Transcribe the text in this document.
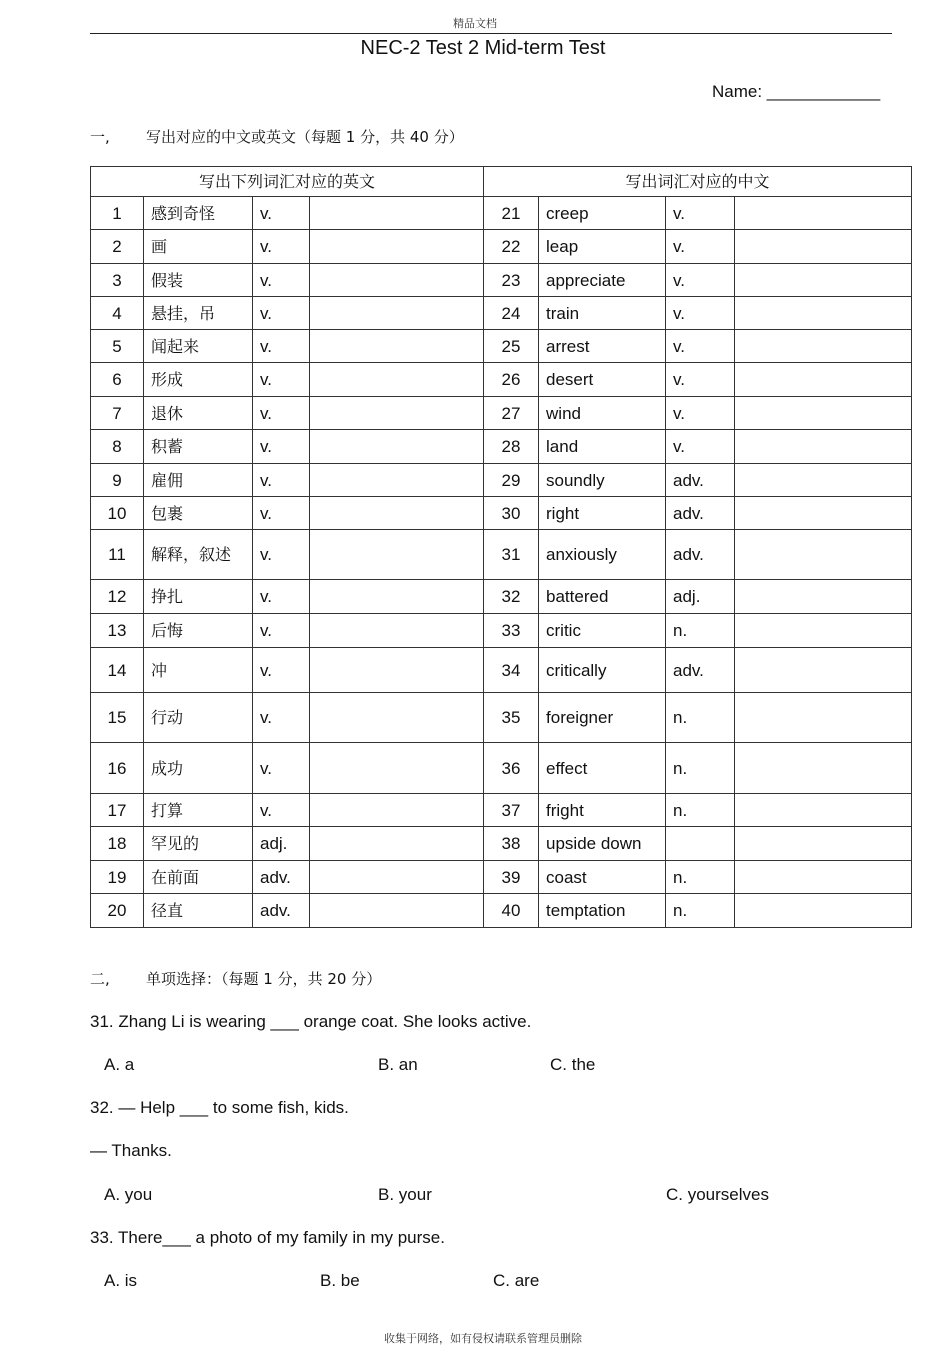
精品文档
NEC-2 Test 2 Mid-term Test
Name: ____________
一, 写出对应的中文或英文（每题 1 分，共 40 分）
写出下列词汇对应的英文				写出词汇对应的中文			
1	感到奇怪	v.		21	creep	v.	
2	画	v.		22	leap	v.	
3	假装	v.		23	appreciate	v.	
4	悬挂，吊	v.		24	train	v.	
5	闻起来	v.		25	arrest	v.	
6	形成	v.		26	desert	v.	
7	退休	v.		27	wind	v.	
8	积蓄	v.		28	land	v.	
9	雇佣	v.		29	soundly	adv.	
10	包裹	v.		30	right	adv.	
11	解释，叙述	v.		31	anxiously	adv.	
12	挣扎	v.		32	battered	adj.	
13	后悔	v.		33	critic	n.	
14	冲	v.		34	critically	adv.	
15	行动	v.		35	foreigner	n.	
16	成功	v.		36	effect	n.	
17	打算	v.		37	fright	n.	
18	罕见的	adj.		38	upside down		
19	在前面	adv.		39	coast	n.	
20	径直	adv.		40	temptation	n.	
二, 单项选择：（每题 1 分，共 20 分）
31. Zhang Li is wearing ___ orange coat. She looks active.
A. a	B. an	C. the
32. — Help ___ to some fish, kids.
— Thanks.
A. you	B. your	C. yourselves
33. There___ a photo of my family in my purse.
A. is	B. be	C. are
收集于网络，如有侵权请联系管理员删除
